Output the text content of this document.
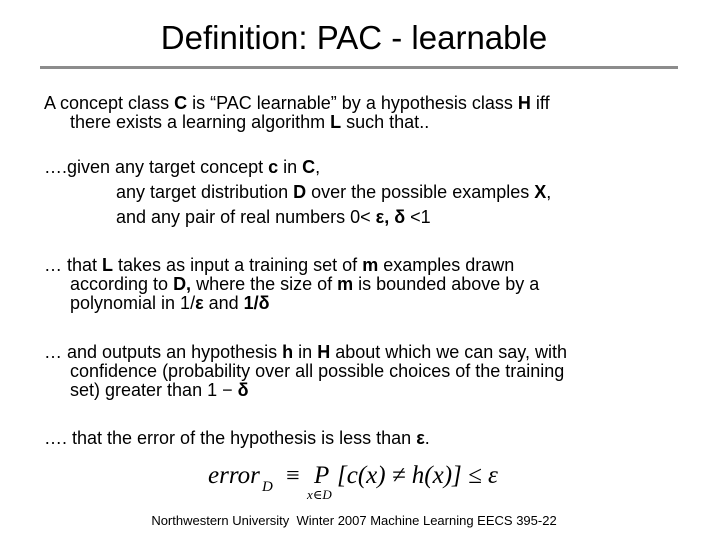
Definition: PAC - learnable
A concept class C is “PAC learnable” by a hypothesis class H iff
there exists a learning algorithm L such that..
….given any target concept c in C,
any target distribution D over the possible examples X,
and any pair of real numbers 0< ε, δ <1
… that L takes as input a training set of m examples drawn
according to D, where the size of m is bounded above by a
polynomial in 1/ε and 1/δ
… and outputs an hypothesis h in H about which we can say, with
confidence (probability over all possible choices of the training
set) greater than 1 − δ
…. that the error of the hypothesis is less than ε.
error D ≡ P
x∈D
[c(x) ≠ h(x)] ≤ ε
Northwestern University  Winter 2007 Machine Learning EECS 395-22
